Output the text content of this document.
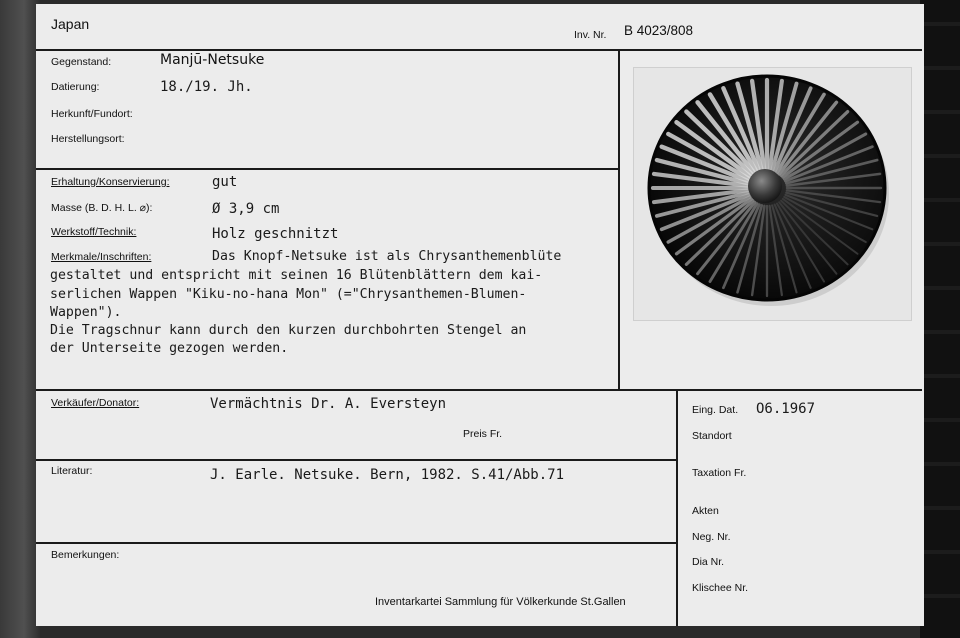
Japan
Inv. Nr. B 4023/808
Gegenstand:	Manjū-Netsuke
Datierung:	18./19. Jh.
Herkunft/Fundort:
Herstellungsort:
Erhaltung/Konservierung:	gut
Masse (B. D. H. L. ⌀):	Ø 3,9 cm
Werkstoff/Technik:	Holz geschnitzt
Merkmale/Inschriften:	Das Knopf-Netsuke ist als Chrysanthemenblüte
gestaltet und entspricht mit seinen 16 Blütenblättern dem kai-
serlichen Wappen "Kiku-no-hana Mon" (="Chrysanthemen-Blumen-
Wappen").
Die Tragschnur kann durch den kurzen durchbohrten Stengel an
der Unterseite gezogen werden.
Verkäufer/Donator:	Vermächtnis Dr. A. Eversteyn
Preis Fr.
Literatur:	J. Earle. Netsuke. Bern, 1982. S.41/Abb.71
Bemerkungen:
Inventarkartei Sammlung für Völkerkunde St.Gallen
Eing. Dat. O6.1967
Standort
Taxation Fr.
Akten
Neg. Nr.
Dia Nr.
Klischee Nr.
